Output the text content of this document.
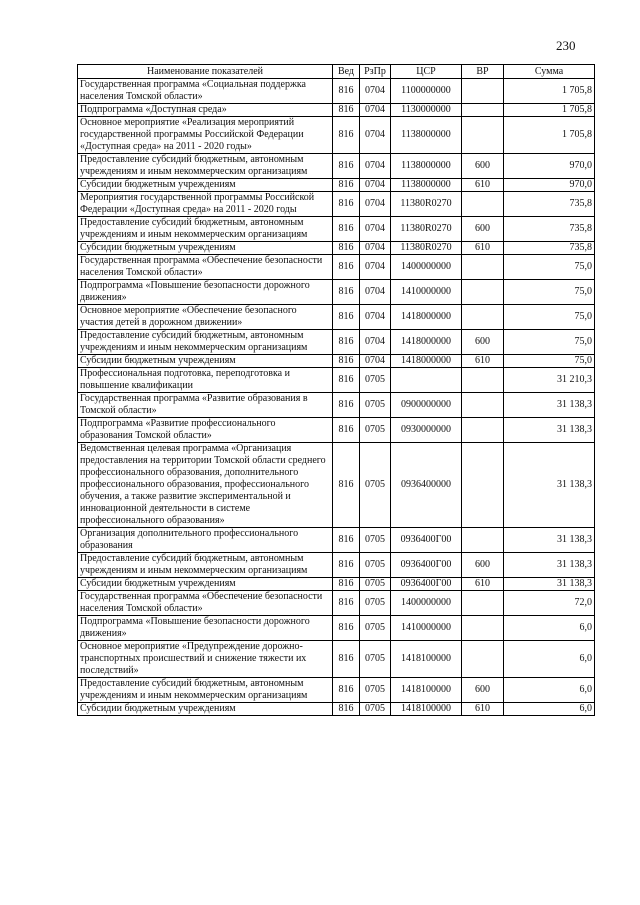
230
Наименование показателей	Вед	РзПр	ЦСР	ВР	Сумма
Государственная программа «Социальная поддержка населения Томской области»	816	0704	1100000000		1 705,8
Подпрограмма «Доступная среда»	816	0704	1130000000		1 705,8
Основное мероприятие «Реализация мероприятий государственной программы Российской Федерации «Доступная среда» на 2011 - 2020 годы»	816	0704	1138000000		1 705,8
Предоставление субсидий бюджетным, автономным учреждениям и иным некоммерческим организациям	816	0704	1138000000	600	970,0
Субсидии бюджетным учреждениям	816	0704	1138000000	610	970,0
Мероприятия государственной программы Российской Федерации «Доступная среда» на 2011 - 2020 годы	816	0704	11380R0270		735,8
Предоставление субсидий бюджетным, автономным учреждениям и иным некоммерческим организациям	816	0704	11380R0270	600	735,8
Субсидии бюджетным учреждениям	816	0704	11380R0270	610	735,8
Государственная программа «Обеспечение безопасности населения Томской области»	816	0704	1400000000		75,0
Подпрограмма «Повышение безопасности дорожного движения»	816	0704	1410000000		75,0
Основное мероприятие «Обеспечение безопасного участия детей в дорожном движении»	816	0704	1418000000		75,0
Предоставление субсидий бюджетным, автономным учреждениям и иным некоммерческим организациям	816	0704	1418000000	600	75,0
Субсидии бюджетным учреждениям	816	0704	1418000000	610	75,0
Профессиональная подготовка, переподготовка и повышение квалификации	816	0705			31 210,3
Государственная программа «Развитие образования в Томской области»	816	0705	0900000000		31 138,3
Подпрограмма «Развитие профессионального образования Томской области»	816	0705	0930000000		31 138,3
Ведомственная целевая программа «Организация предоставления на территории Томской области среднего профессионального образования, дополнительного профессионального образования, профессионального обучения, а также развитие экспериментальной и инновационной деятельности в системе профессионального образования»	816	0705	0936400000		31 138,3
Организация дополнительного профессионального образования	816	0705	0936400Г00		31 138,3
Предоставление субсидий бюджетным, автономным учреждениям и иным некоммерческим организациям	816	0705	0936400Г00	600	31 138,3
Субсидии бюджетным учреждениям	816	0705	0936400Г00	610	31 138,3
Государственная программа «Обеспечение безопасности населения Томской области»	816	0705	1400000000		72,0
Подпрограмма «Повышение безопасности дорожного движения»	816	0705	1410000000		6,0
Основное мероприятие «Предупреждение дорожно-транспортных происшествий и снижение тяжести их последствий»	816	0705	1418100000		6,0
Предоставление субсидий бюджетным, автономным учреждениям и иным некоммерческим организациям	816	0705	1418100000	600	6,0
Субсидии бюджетным учреждениям	816	0705	1418100000	610	6,0
